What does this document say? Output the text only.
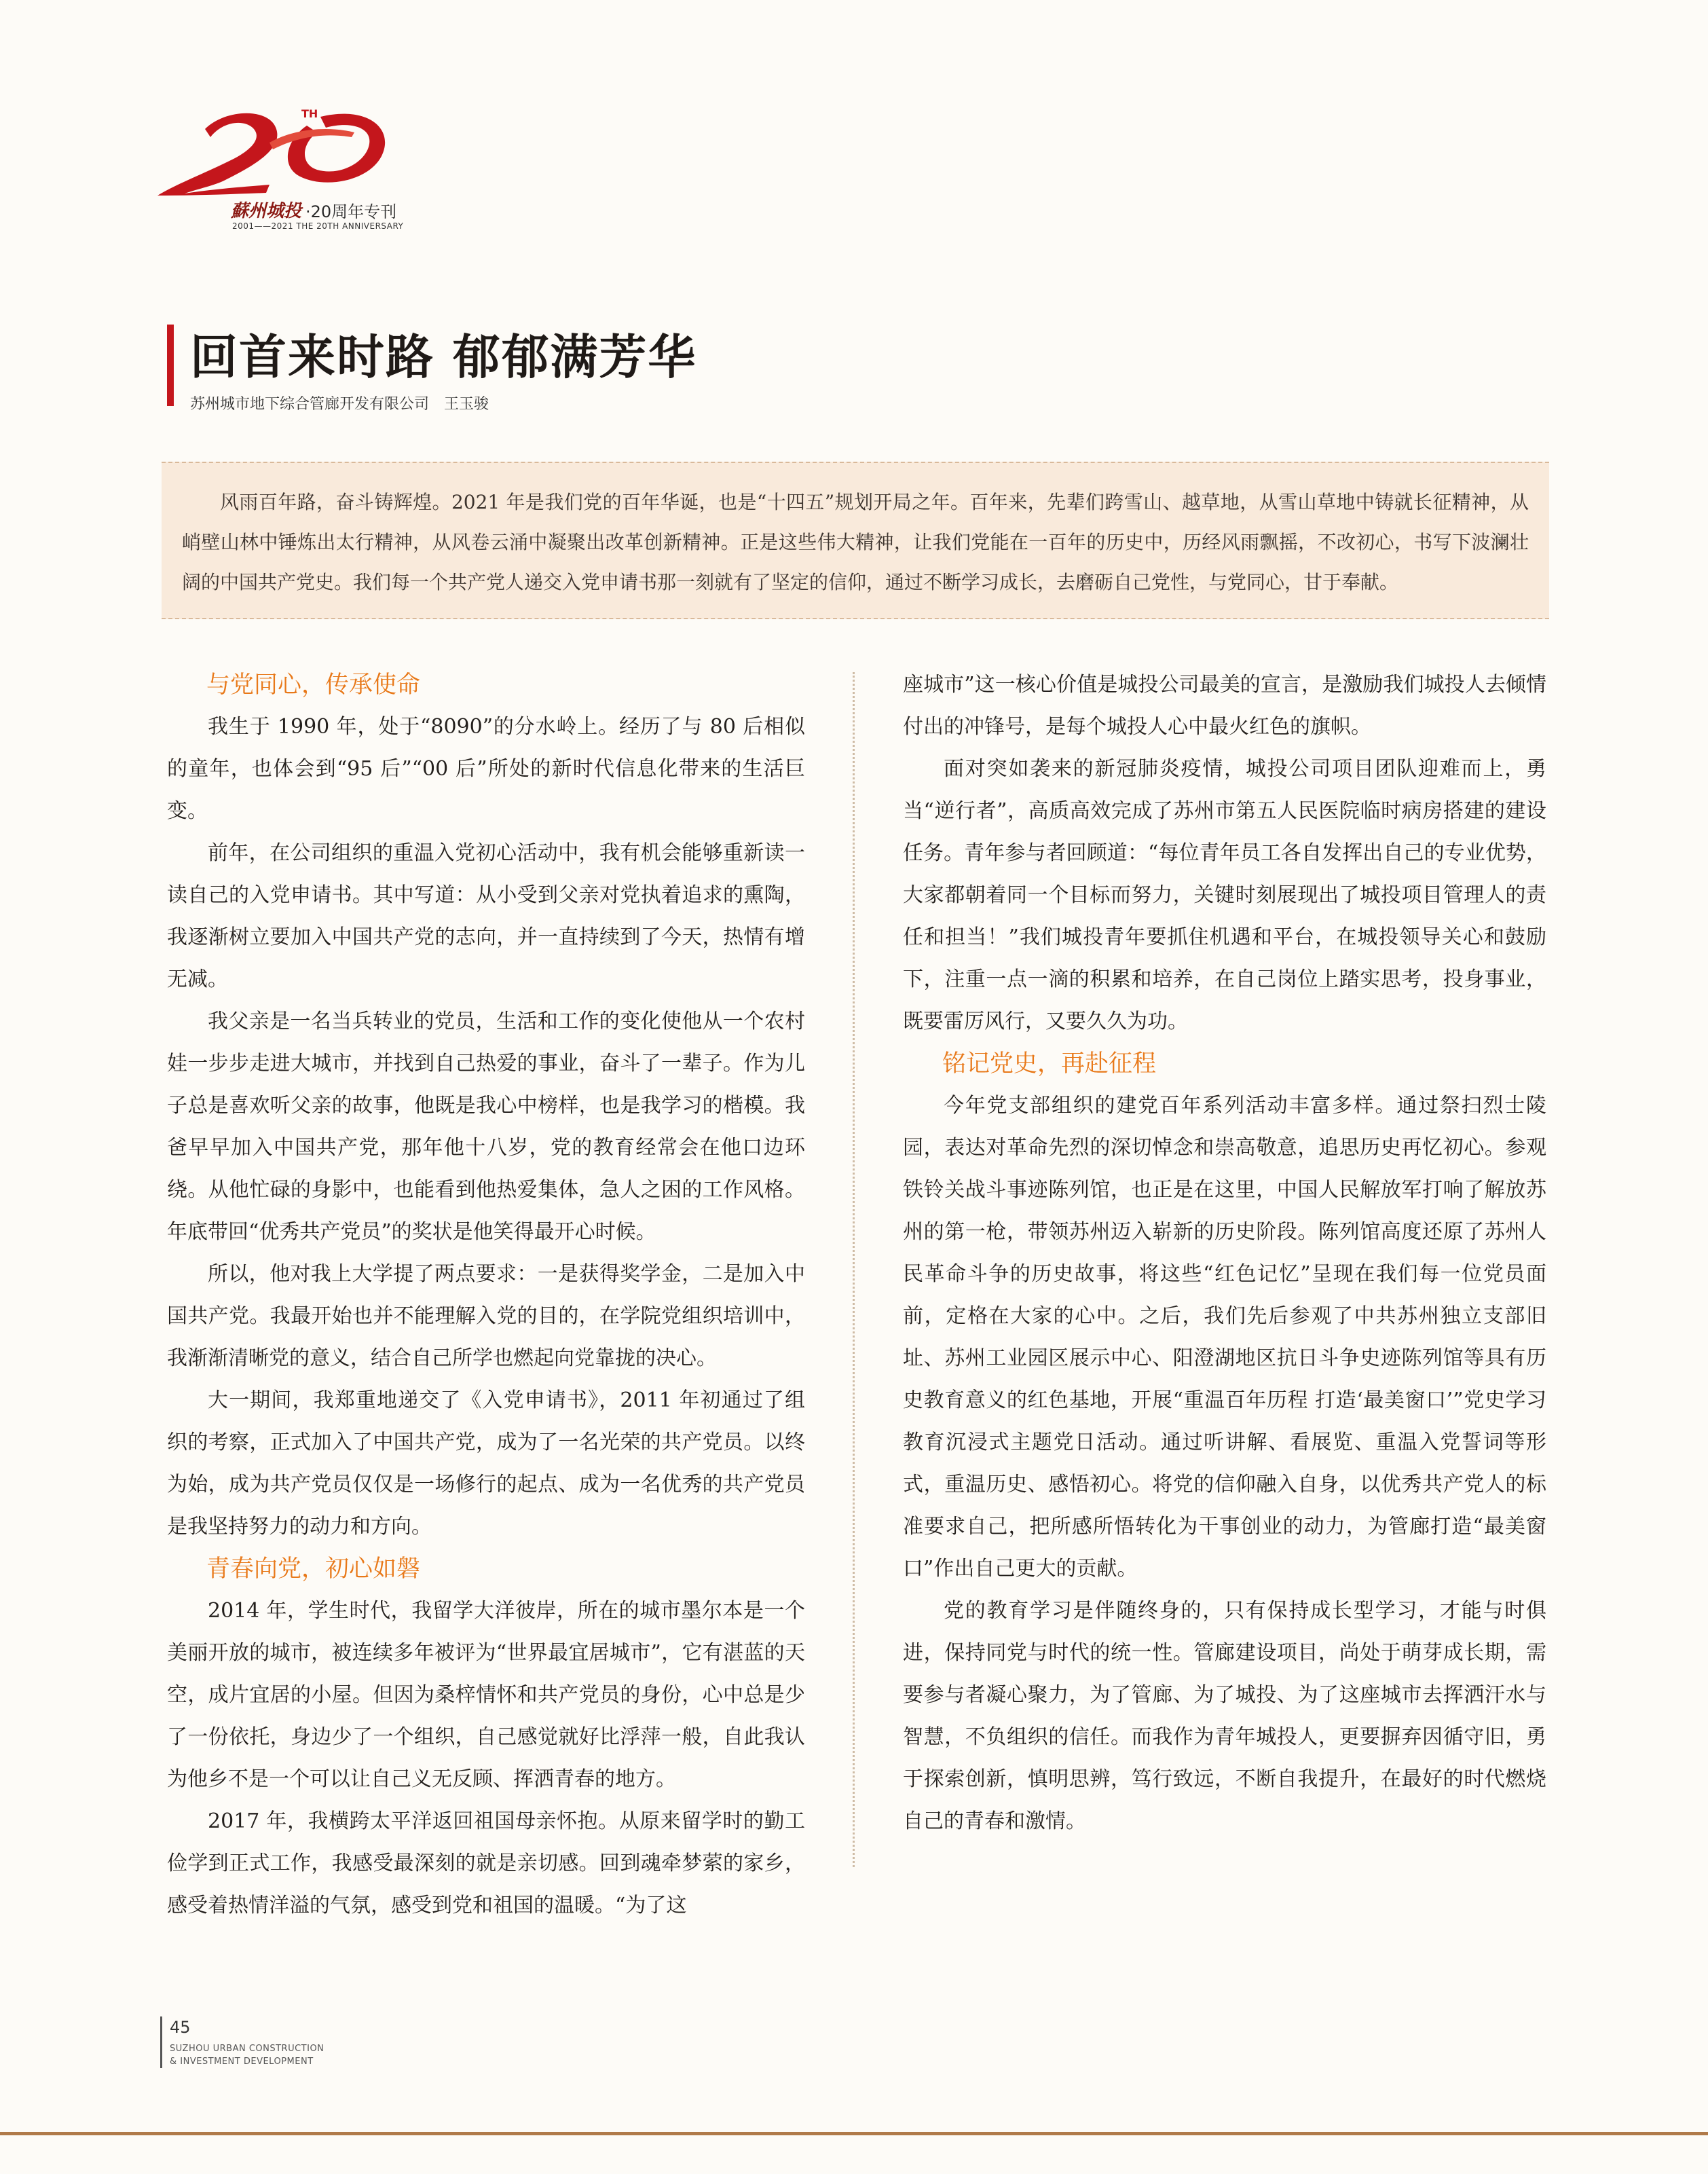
TH
蘇州城投 ·20周年专刊
2001——2021 THE 20TH ANNIVERSARY
回首来时路 郁郁满芳华
苏州城市地下综合管廊开发有限公司　王玉骏

风雨百年路，奋斗铸辉煌。2021 年是我们党的百年华诞，也是“十四五”规划开局之年。百年来，先辈们跨雪山、越草地，从雪山草地中铸就长征精神，从峭壁山林中锤炼出太行精神，从风卷云涌中凝聚出改革创新精神。正是这些伟大精神，让我们党能在一百年的历史中，历经风雨飘摇，不改初心，书写下波澜壮阔的中国共产党史。我们每一个共产党人递交入党申请书那一刻就有了坚定的信仰，通过不断学习成长，去磨砺自己党性，与党同心，甘于奉献。

与党同心，传承使命

我生于 1990 年，处于“8090”的分水岭上。经历了与 80 后相似的童年，也体会到“95 后”“00 后”所处的新时代信息化带来的生活巨变。

前年，在公司组织的重温入党初心活动中，我有机会能够重新读一读自己的入党申请书。其中写道：从小受到父亲对党执着追求的熏陶，我逐渐树立要加入中国共产党的志向，并一直持续到了今天，热情有增无减。

我父亲是一名当兵转业的党员，生活和工作的变化使他从一个农村娃一步步走进大城市，并找到自己热爱的事业，奋斗了一辈子。作为儿子总是喜欢听父亲的故事，他既是我心中榜样，也是我学习的楷模。我爸早早加入中国共产党，那年他十八岁，党的教育经常会在他口边环绕。从他忙碌的身影中，也能看到他热爱集体，急人之困的工作风格。年底带回“优秀共产党员”的奖状是他笑得最开心时候。

所以，他对我上大学提了两点要求：一是获得奖学金，二是加入中国共产党。我最开始也并不能理解入党的目的，在学院党组织培训中，我渐渐清晰党的意义，结合自己所学也燃起向党靠拢的决心。

大一期间，我郑重地递交了《入党申请书》，2011 年初通过了组织的考察，正式加入了中国共产党，成为了一名光荣的共产党员。以终为始，成为共产党员仅仅是一场修行的起点、成为一名优秀的共产党员是我坚持努力的动力和方向。

青春向党，初心如磐

2014 年，学生时代，我留学大洋彼岸，所在的城市墨尔本是一个美丽开放的城市，被连续多年被评为“世界最宜居城市”，它有湛蓝的天空，成片宜居的小屋。但因为桑梓情怀和共产党员的身份，心中总是少了一份依托，身边少了一个组织，自己感觉就好比浮萍一般，自此我认为他乡不是一个可以让自己义无反顾、挥洒青春的地方。

2017 年，我横跨太平洋返回祖国母亲怀抱。从原来留学时的勤工俭学到正式工作，我感受最深刻的就是亲切感。回到魂牵梦萦的家乡，感受着热情洋溢的气氛，感受到党和祖国的温暖。“为了这

座城市”这一核心价值是城投公司最美的宣言，是激励我们城投人去倾情付出的冲锋号，是每个城投人心中最火红色的旗帜。

面对突如袭来的新冠肺炎疫情，城投公司项目团队迎难而上，勇当“逆行者”，高质高效完成了苏州市第五人民医院临时病房搭建的建设任务。青年参与者回顾道：“每位青年员工各自发挥出自己的专业优势，大家都朝着同一个目标而努力，关键时刻展现出了城投项目管理人的责任和担当！”我们城投青年要抓住机遇和平台，在城投领导关心和鼓励下，注重一点一滴的积累和培养，在自己岗位上踏实思考，投身事业，既要雷厉风行，又要久久为功。

铭记党史，再赴征程

今年党支部组织的建党百年系列活动丰富多样。通过祭扫烈士陵园，表达对革命先烈的深切悼念和崇高敬意，追思历史再忆初心。参观铁铃关战斗事迹陈列馆，也正是在这里，中国人民解放军打响了解放苏州的第一枪，带领苏州迈入崭新的历史阶段。陈列馆高度还原了苏州人民革命斗争的历史故事，将这些“红色记忆”呈现在我们每一位党员面前，定格在大家的心中。之后，我们先后参观了中共苏州独立支部旧址、苏州工业园区展示中心、阳澄湖地区抗日斗争史迹陈列馆等具有历史教育意义的红色基地，开展“重温百年历程 打造‘最美窗口’”党史学习教育沉浸式主题党日活动。通过听讲解、看展览、重温入党誓词等形式，重温历史、感悟初心。将党的信仰融入自身，以优秀共产党人的标准要求自己，把所感所悟转化为干事创业的动力，为管廊打造“最美窗口”作出自己更大的贡献。

党的教育学习是伴随终身的，只有保持成长型学习，才能与时俱进，保持同党与时代的统一性。管廊建设项目，尚处于萌芽成长期，需要参与者凝心聚力，为了管廊、为了城投、为了这座城市去挥洒汗水与智慧，不负组织的信任。而我作为青年城投人，更要摒弃因循守旧，勇于探索创新，慎明思辨，笃行致远，不断自我提升，在最好的时代燃烧自己的青春和激情。

45
SUZHOU URBAN CONSTRUCTION
& INVESTMENT DEVELOPMENT
